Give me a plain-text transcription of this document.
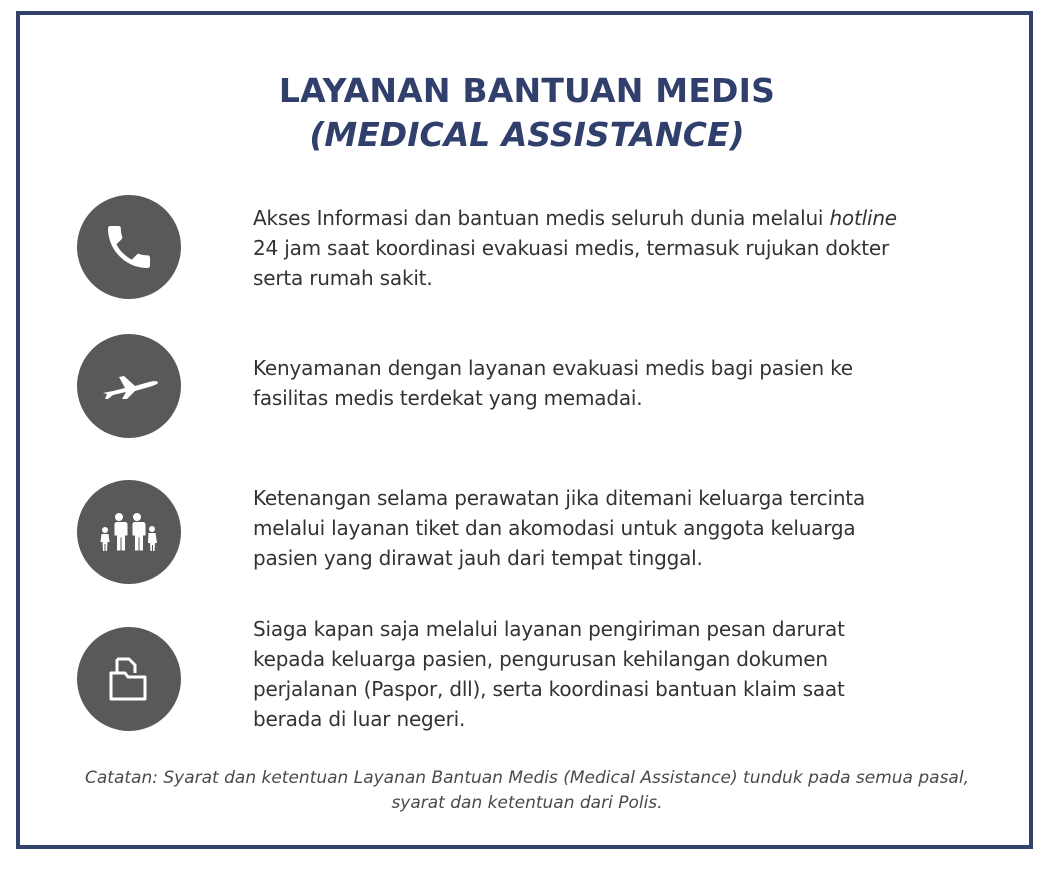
LAYANAN BANTUAN MEDIS
(MEDICAL ASSISTANCE)
Akses Informasi dan bantuan medis seluruh dunia melalui hotline
24 jam saat koordinasi evakuasi medis, termasuk rujukan dokter
serta rumah sakit.
Kenyamanan dengan layanan evakuasi medis bagi pasien ke
fasilitas medis terdekat yang memadai.
Ketenangan selama perawatan jika ditemani keluarga tercinta
melalui layanan tiket dan akomodasi untuk anggota keluarga
pasien yang dirawat jauh dari tempat tinggal.
Siaga kapan saja melalui layanan pengiriman pesan darurat
kepada keluarga pasien, pengurusan kehilangan dokumen
perjalanan (Paspor, dll), serta koordinasi bantuan klaim saat
berada di luar negeri.
Catatan: Syarat dan ketentuan Layanan Bantuan Medis (Medical Assistance) tunduk pada semua pasal,
syarat dan ketentuan dari Polis.
